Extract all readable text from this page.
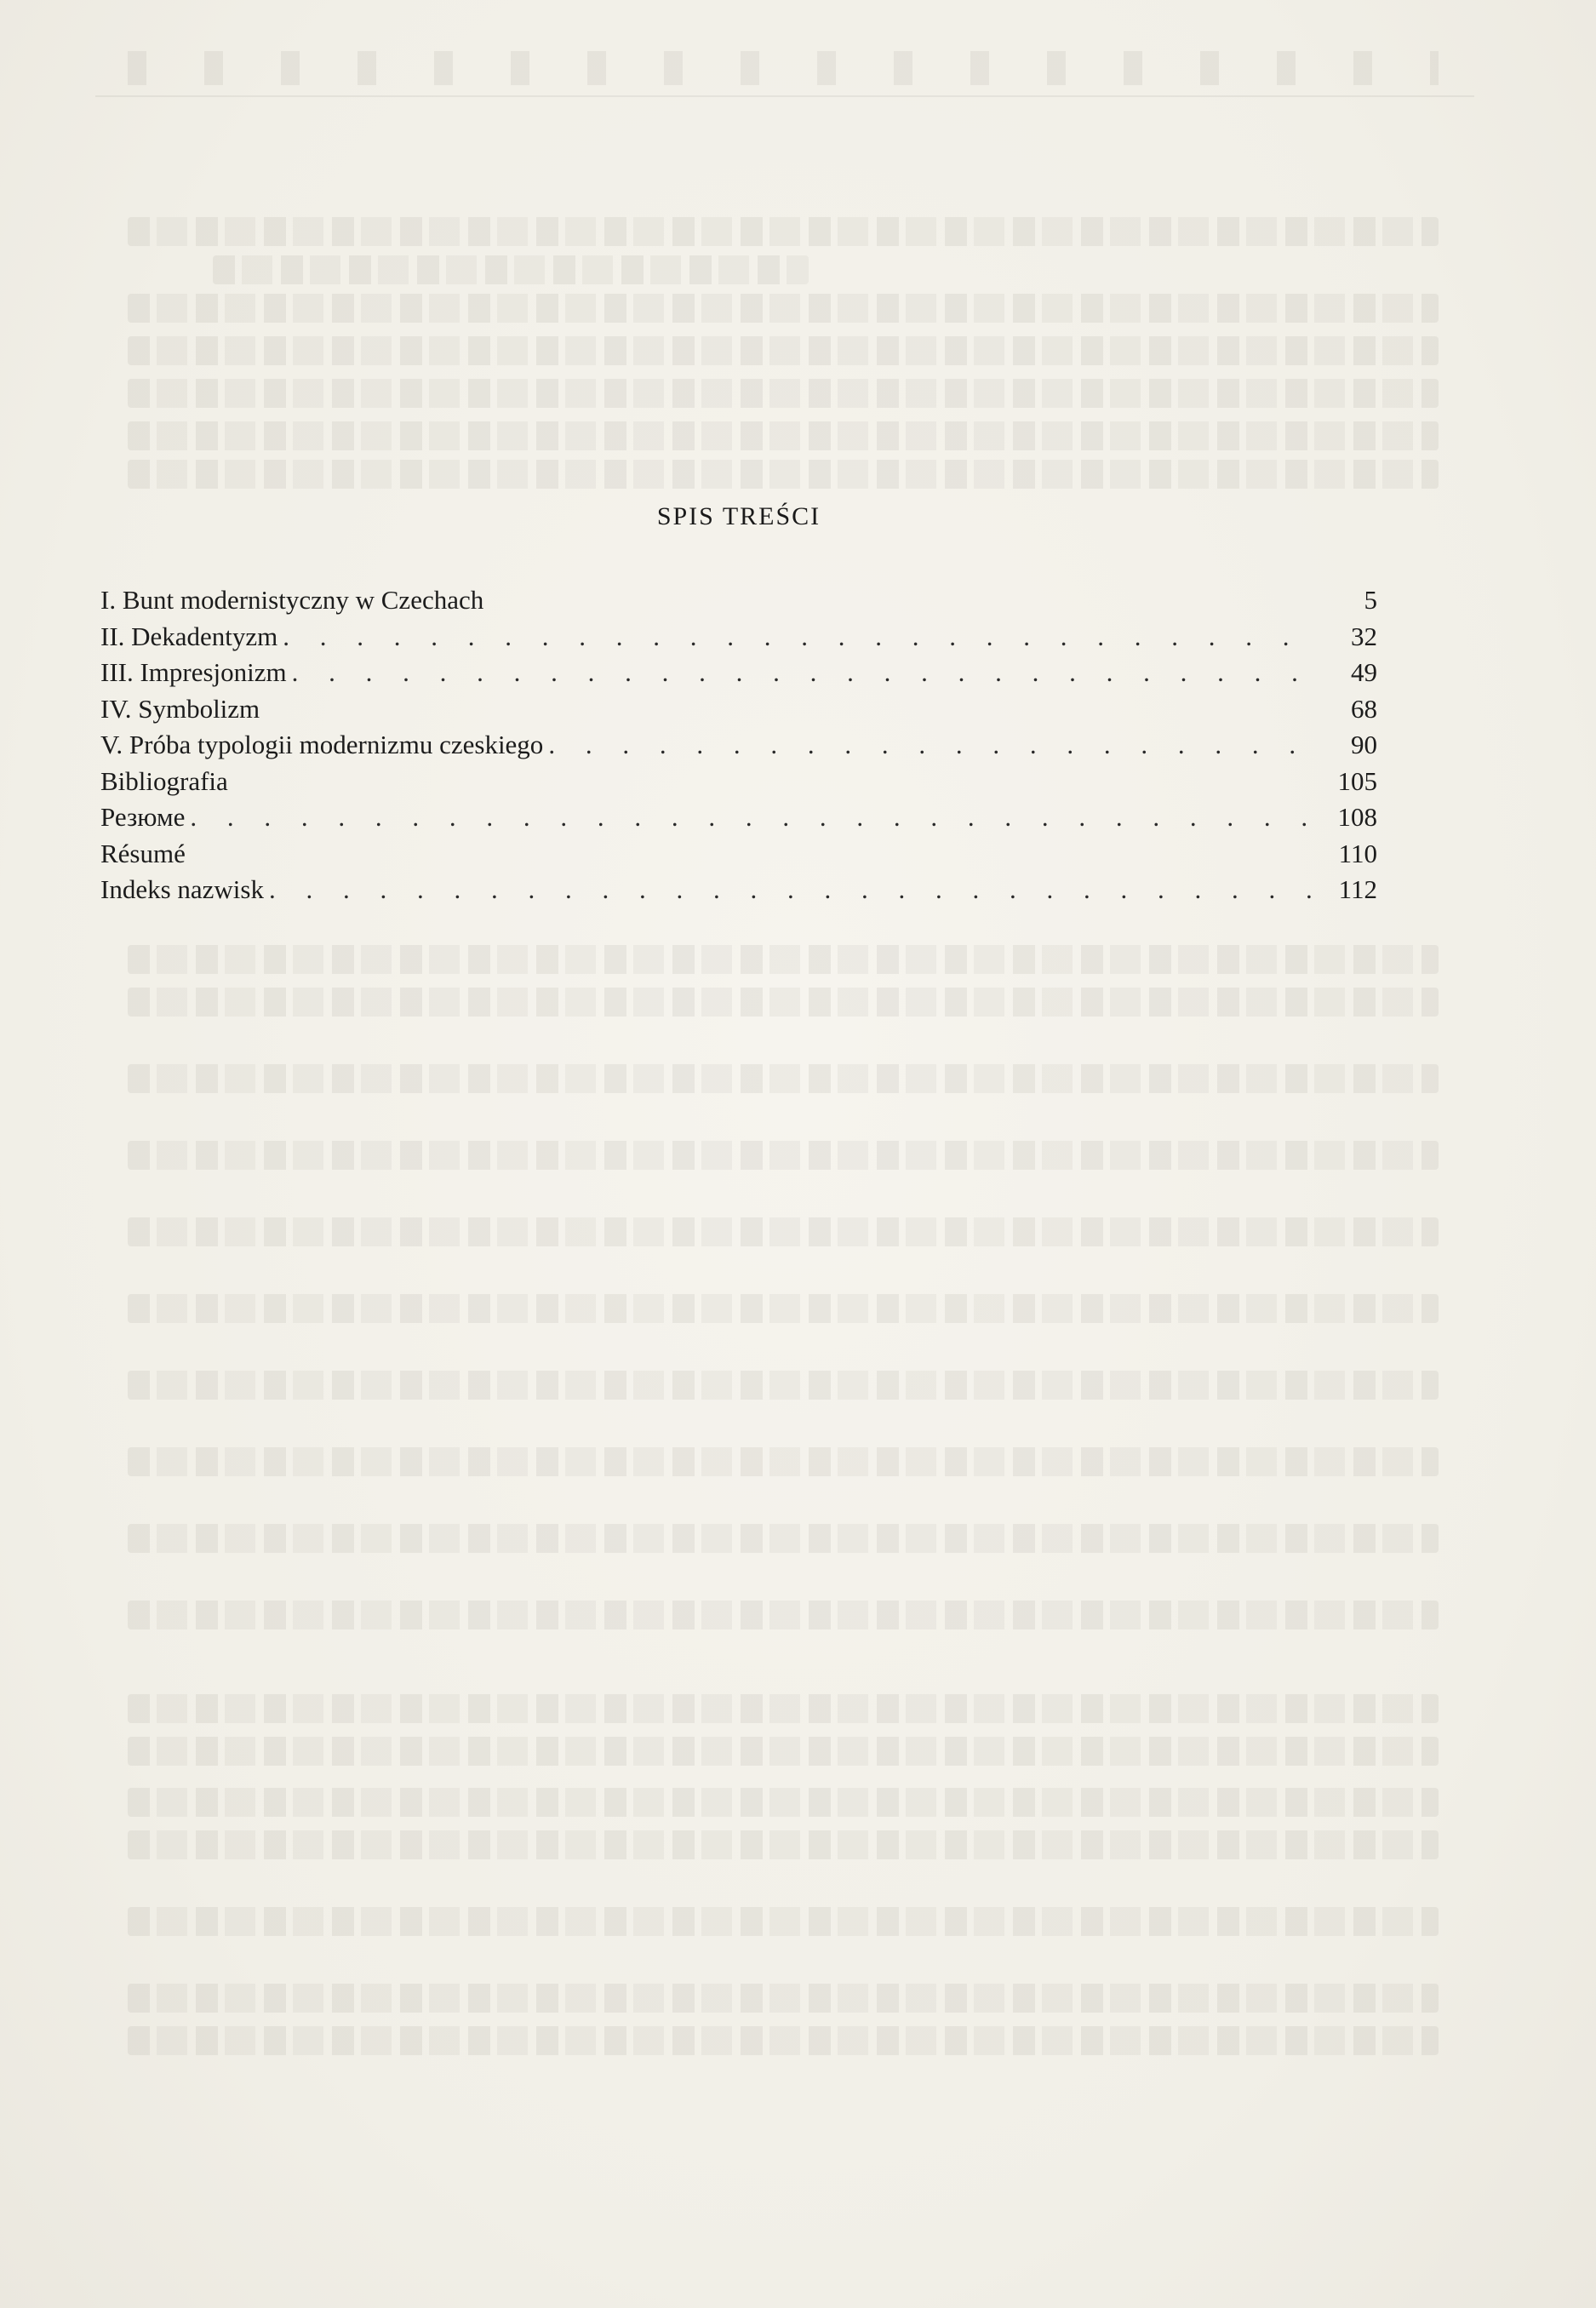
SPIS TREŚCI
I. Bunt modernistyczny w Czechach	5
II. Dekadentyzm . . .	32
III. Impresjonizm . . .	49
IV. Symbolizm	68
V. Próba typologii modernizmu czeskiego . . .	90
Bibliografia	105
Резюме . . .	108
Résumé	110
Indeks nazwisk . . .	112
